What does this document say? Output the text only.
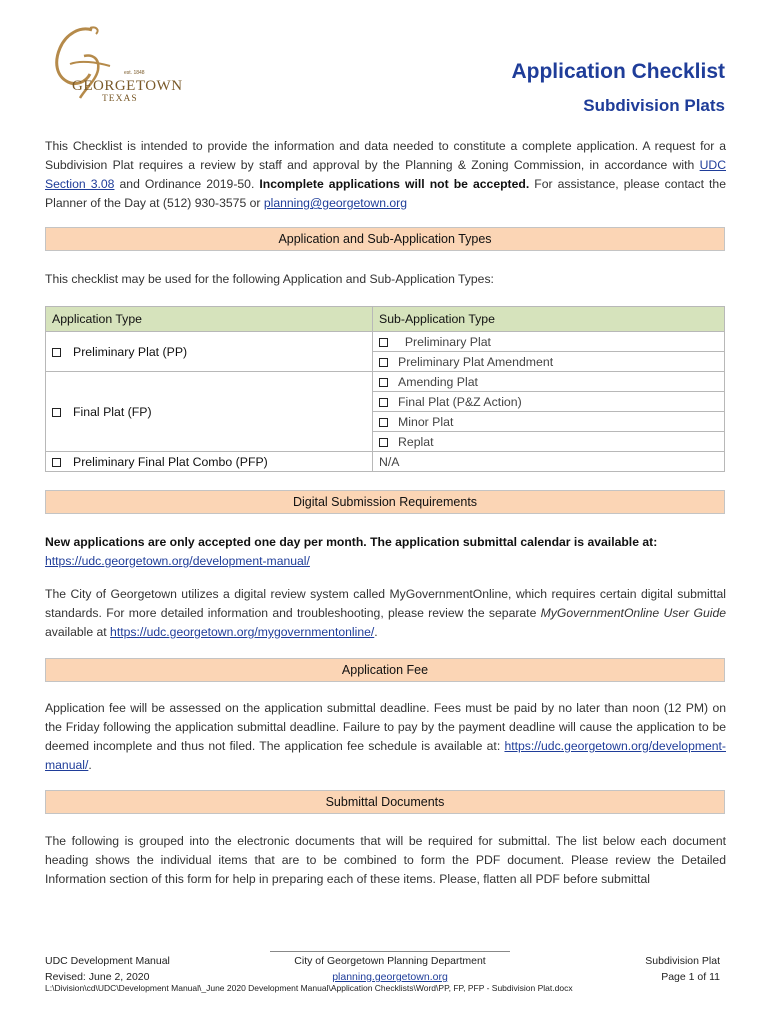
est. 1848
GEORGETOWN
TEXAS
Application Checklist
Subdivision Plats
This Checklist is intended to provide the information and data needed to constitute a complete application. A request for a Subdivision Plat requires a review by staff and approval by the Planning & Zoning Commission, in accordance with UDC Section 3.08 and Ordinance 2019-50. Incomplete applications will not be accepted. For assistance, please contact the Planner of the Day at (512) 930-3575 or planning@georgetown.org
Application and Sub-Application Types
This checklist may be used for the following Application and Sub-Application Types:
Application Type	Sub-Application Type
Preliminary Plat (PP)	Preliminary Plat
	Preliminary Plat Amendment
Final Plat (FP)	Amending Plat
	Final Plat (P&Z Action)
	Minor Plat
	Replat
Preliminary Final Plat Combo (PFP)	N/A
Digital Submission Requirements
New applications are only accepted one day per month. The application submittal calendar is available at:
https://udc.georgetown.org/development-manual/
The City of Georgetown utilizes a digital review system called MyGovernmentOnline, which requires certain digital submittal standards. For more detailed information and troubleshooting, please review the separate MyGovernmentOnline User Guide available at https://udc.georgetown.org/mygovernmentonline/.
Application Fee
Application fee will be assessed on the application submittal deadline. Fees must be paid by no later than noon (12 PM) on the Friday following the application submittal deadline. Failure to pay by the payment deadline will cause the application to be deemed incomplete and thus not filed. The application fee schedule is available at: https://udc.georgetown.org/development-manual/.
Submittal Documents
The following is grouped into the electronic documents that will be required for submittal. The list below each document heading shows the individual items that are to be combined to form the PDF document. Please review the Detailed Information section of this form for help in preparing each of these items. Please, flatten all PDF before submittal
UDC Development Manual
Revised: June 2, 2020
City of Georgetown Planning Department
planning.georgetown.org
Subdivision Plat
Page 1 of 11
L:\Division\cd\UDC\Development Manual\_June 2020 Development Manual\Application Checklists\Word\PP, FP, PFP - Subdivision Plat.docx
